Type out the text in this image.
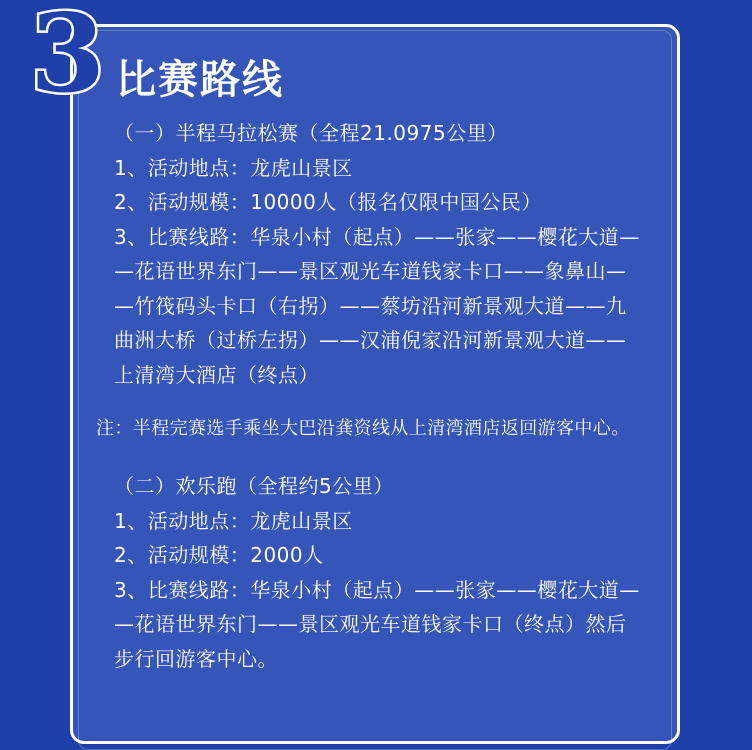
3 比赛路线

（一）半程马拉松赛（全程21.0975公里）

1、活动地点：龙虎山景区

2、活动规模：10000人（报名仅限中国公民）

3、比赛线路：华泉小村（起点）——张家——樱花大道—

—花语世界东门——景区观光车道钱家卡口——象鼻山—

—竹筏码头卡口（右拐）——蔡坊沿河新景观大道——九

曲洲大桥（过桥左拐）——汉浦倪家沿河新景观大道——

上清湾大酒店（终点）

注：半程完赛选手乘坐大巴沿龚资线从上清湾酒店返回游客中心。

（二）欢乐跑（全程约5公里）

1、活动地点：龙虎山景区

2、活动规模：2000人

3、比赛线路：华泉小村（起点）——张家——樱花大道—

—花语世界东门——景区观光车道钱家卡口（终点）然后

步行回游客中心。
